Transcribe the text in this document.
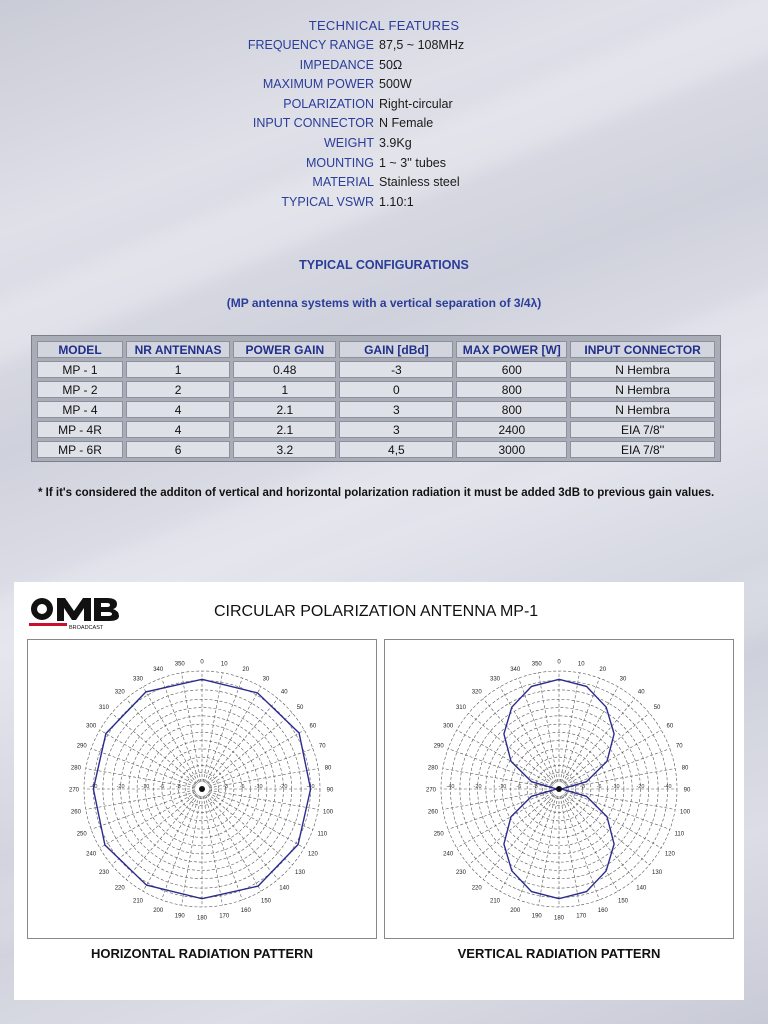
TECHNICAL FEATURES
FREQUENCY RANGE 87,5 ~ 108MHz
IMPEDANCE 50Ω
MAXIMUM POWER 500W
POLARIZATION Right-circular
INPUT CONNECTOR N Female
WEIGHT 3.9Kg
MOUNTING 1 ~ 3'' tubes
MATERIAL Stainless steel
TYPICAL VSWR 1.10:1
TYPICAL CONFIGURATIONS
(MP antenna systems with a vertical separation of 3/4λ)
MODEL	NR ANTENNAS	POWER GAIN	GAIN [dBd]	MAX POWER [W]	INPUT CONNECTOR
MP - 1	1	0.48	-3	600	N Hembra
MP - 2	2	1	0	800	N Hembra
MP - 4	4	2.1	3	800	N Hembra
MP - 4R	4	2.1	3	2400	EIA 7/8''
MP - 6R	6	3.2	4,5	3000	EIA 7/8''
* If it's considered the additon of vertical and horizontal polarization radiation it must be added 3dB to previous gain values.
BROADCAST
CIRCULAR POLARIZATION ANTENNA MP-1
0	10
20
30
40
50
60
70
80
90
100
110
120
130
140
150
160
170
180
190
200
210
220
230
240
250
260
270
280
290
300
310
320
330
340
350
-3	-3
-6	-6
-10	-10
-20	-20
-40	-40
0	10
20
30
40
50
60
70
80
90
100
110
120
130
140
150
160
170
180
190
200
210
220
230
240
250
260
270
280
290
300
310
320
330
340
350
-3	-3
-6	-6
-10	-10
-20	-20
-40	-40
HORIZONTAL RADIATION PATTERN	VERTICAL RADIATION PATTERN
